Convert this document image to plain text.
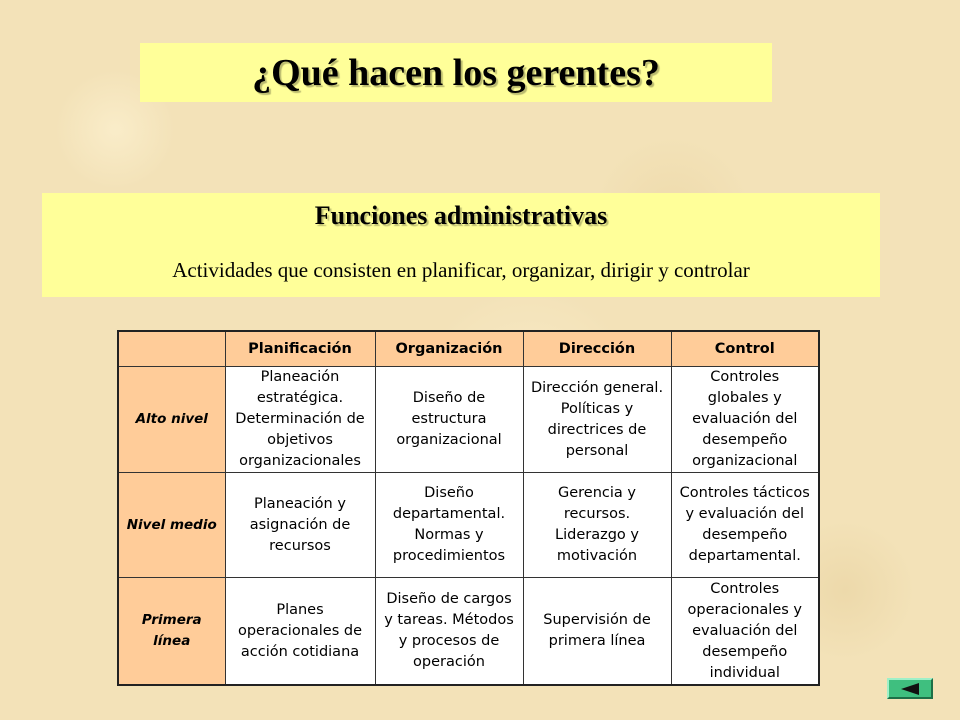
¿Qué hacen los gerentes?
Funciones administrativas
Actividades que consisten en planificar, organizar, dirigir y controlar
	Planificación	Organización	Dirección	Control
Alto nivel	Planeación
estratégica.
Determinación de
objetivos
organizacionales	Diseño de
estructura
organizacional	Dirección general.
Políticas y
directrices de
personal	Controles
globales y
evaluación del
desempeño
organizacional
Nivel medio	Planeación y
asignación de
recursos	Diseño
departamental.
Normas y
procedimientos	Gerencia y
recursos.
Liderazgo y
motivación	Controles tácticos
y evaluación del
desempeño
departamental.
Primera línea	Planes
operacionales de
acción cotidiana	Diseño de cargos
y tareas. Métodos
y procesos de
operación	Supervisión de
primera línea	Controles
operacionales y
evaluación del
desempeño
individual
